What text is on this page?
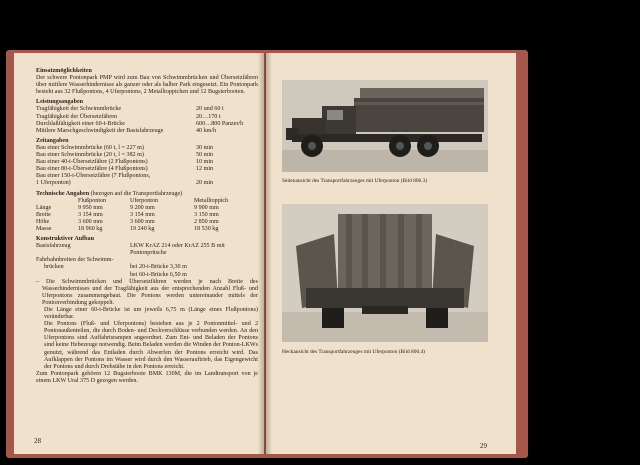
Einsatzmöglichkeiten

Der schwere Pontonpark PMP wird zum Bau von Schwimmbrücken und Übersetzfähren über mittlere Wasserhindernisse als ganzer oder als halber Park eingesetzt. Ein Pontonpark besteht aus 32 Flußpontons, 4 Uferpontons, 2 Metalltoppichen und 12 Bugsierbooten.

Leistungsangaben

Tragfähigkeit der Schwimmbrücke	20 und 60 t
Tragfähigkeit der Übersetzfähren	20…170 t
Durchlaßfähigkeit einer 60-t-Brücke	600…800 Panzer/h
Mittlere Marschgeschwindigkeit der Basisfahrzeuge	40 km/h

Zeitangaben

Bau einer Schwimmbrücke (60 t, l = 227 m)	30 min
Bau einer Schwimmbrücke (20 t, l = 382 m)	50 min
Bau einer 40-t-Übersetzfähre (2 Flußpontons)	10 min
Bau einer 80-t-Übersetzfähre (4 Flußpontons)	12 min
Bau einer 150-t-Übersetzfähre (7 Flußpontons,	
1 Uferponton)	20 min

Technische Angaben (bezogen auf die Transportfahrzeuge)

	Flußponton	Uferponton	Metalltoppich
Länge	9 950 mm	9 200 mm	9 900 mm
Breite	3 154 mm	3 154 mm	3 150 mm
Höhe	3 600 mm	3 600 mm	2 850 mm
Masse	18 960 kg	19 240 kg	18 530 kg

Konstruktiver Aufbau

Basisfahrzeug	LKW KrAZ 214 oder KrAZ 255 B mit
Pontonpritsche
Fahrbahnbreiten der Schwimm-
brücken	bei 20-t-Brücke 3,30 m
bei 60-t-Brücke 6,50 m

– Die Schwimmbrücken und Übersetzfähren werden je nach Breite des Wasserhindernisses und der Tragfähigkeit aus der entsprechenden Anzahl Fluß- und Uferpontons zusammengebaut. Die Pontons werden untereinander mittels der Pontonverbindung gekoppelt.

Die Länge einer 60-t-Brücke ist um jeweils 6,75 m (Länge eines Flußpontons) veränderbar.

Die Pontons (Fluß- und Uferpontons) bestehen aus je 2 Pontonmittel- und 2 Pontonaußenteilen, die durch Boden- und Deckverschlüsse verbunden werden. An den Uferpontons sind Auffahrtsrampen angeordnet. Zum Ent- und Beladen der Pontons sind keine Hebezeuge notwendig. Beim Beladen werden die Winden der Ponton-LKWs genutzt, während das Entladen durch Abwerfen der Pontons erreicht wird. Das Aufklappen der Pontons im Wasser wird durch den Wasserauftrieb, das Eigengewicht der Pontons und durch Drehstäbe in den Pontons erreicht.

Zum Pontonpark gehören 12 Bugsierboote BMK 130M, die im Landtransport von je einem LKW Ural 375 D gezogen werden.

28
Seitenansicht des Transportfahrzeuges mit Uferponton (Bild 806.3)
Heckansicht des Transportfahrzeuges mit Uferponton (Bild 806.4)
29
